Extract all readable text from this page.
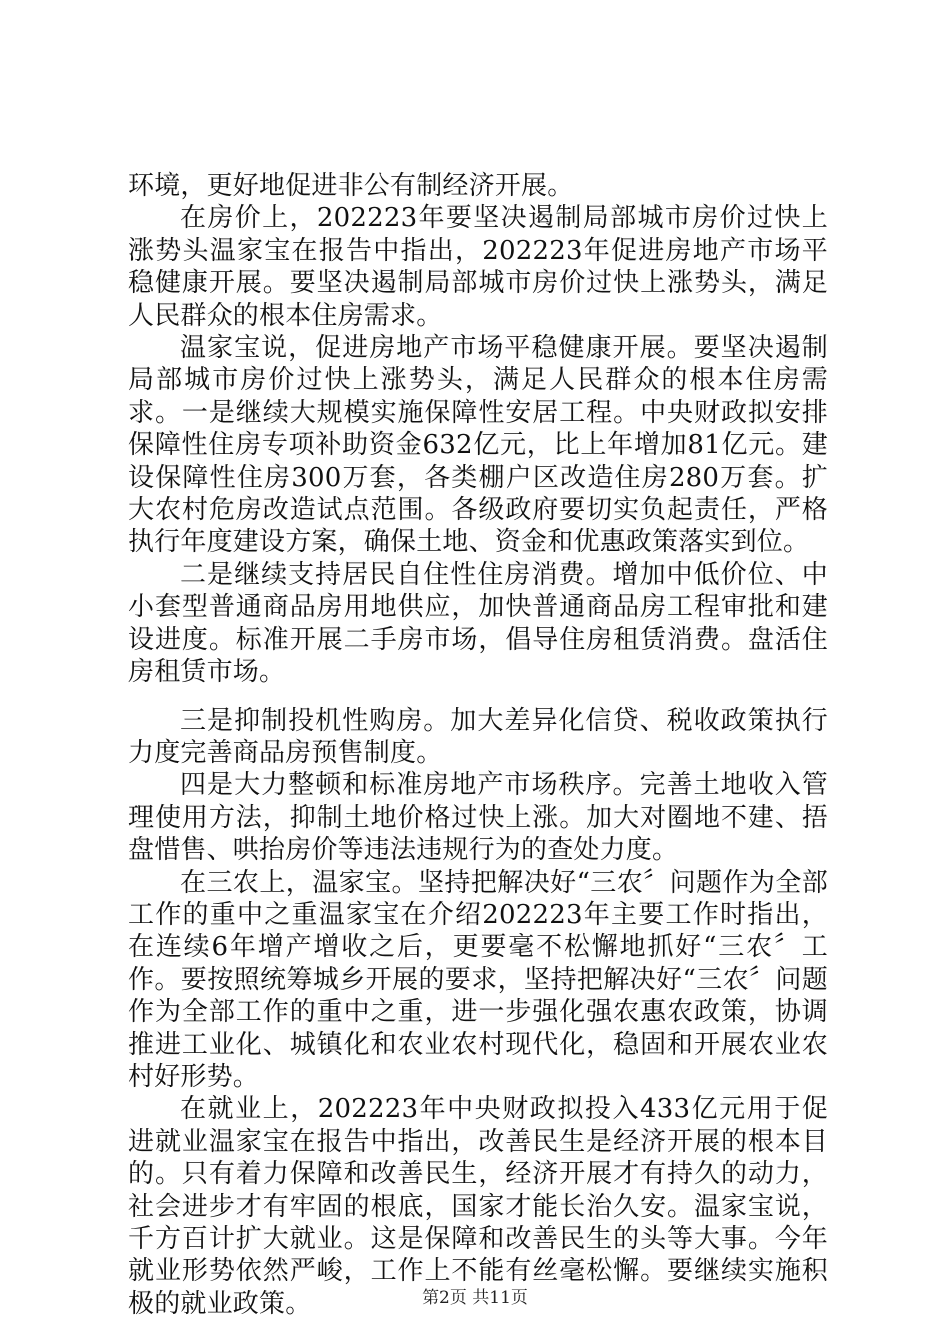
环境，更好地促进非公有制经济开展。

在房价上，202223年要坚决遏制局部城市房价过快上涨势头温家宝在报告中指出，202223年促进房地产市场平稳健康开展。要坚决遏制局部城市房价过快上涨势头，满足人民群众的根本住房需求。

温家宝说，促进房地产市场平稳健康开展。要坚决遏制局部城市房价过快上涨势头，满足人民群众的根本住房需求。一是继续大规模实施保障性安居工程。中央财政拟安排保障性住房专项补助资金632亿元，比上年增加81亿元。建设保障性住房300万套，各类棚户区改造住房280万套。扩大农村危房改造试点范围。各级政府要切实负起责任，严格执行年度建设方案，确保土地、资金和优惠政策落实到位。

二是继续支持居民自住性住房消费。增加中低价位、中小套型普通商品房用地供应，加快普通商品房工程审批和建设进度。标准开展二手房市场，倡导住房租赁消费。盘活住房租赁市场。

三是抑制投机性购房。加大差异化信贷、税收政策执行力度完善商品房预售制度。

四是大力整顿和标准房地产市场秩序。完善土地收入管理使用方法，抑制土地价格过快上涨。加大对圈地不建、捂盘惜售、哄抬房价等违法违规行为的查处力度。

在三农上，温家宝。坚持把解决好“三农〞问题作为全部工作的重中之重温家宝在介绍202223年主要工作时指出，在连续6年增产增收之后，更要毫不松懈地抓好“三农〞工作。要按照统筹城乡开展的要求，坚持把解决好“三农〞问题作为全部工作的重中之重，进一步强化强农惠农政策，协调推进工业化、城镇化和农业农村现代化，稳固和开展农业农村好形势。

在就业上，202223年中央财政拟投入433亿元用于促进就业温家宝在报告中指出，改善民生是经济开展的根本目的。只有着力保障和改善民生，经济开展才有持久的动力，社会进步才有牢固的根底，国家才能长治久安。温家宝说，千方百计扩大就业。这是保障和改善民生的头等大事。今年就业形势依然严峻，工作上不能有丝毫松懈。要继续实施积极的就业政策。	第2页 共11页
